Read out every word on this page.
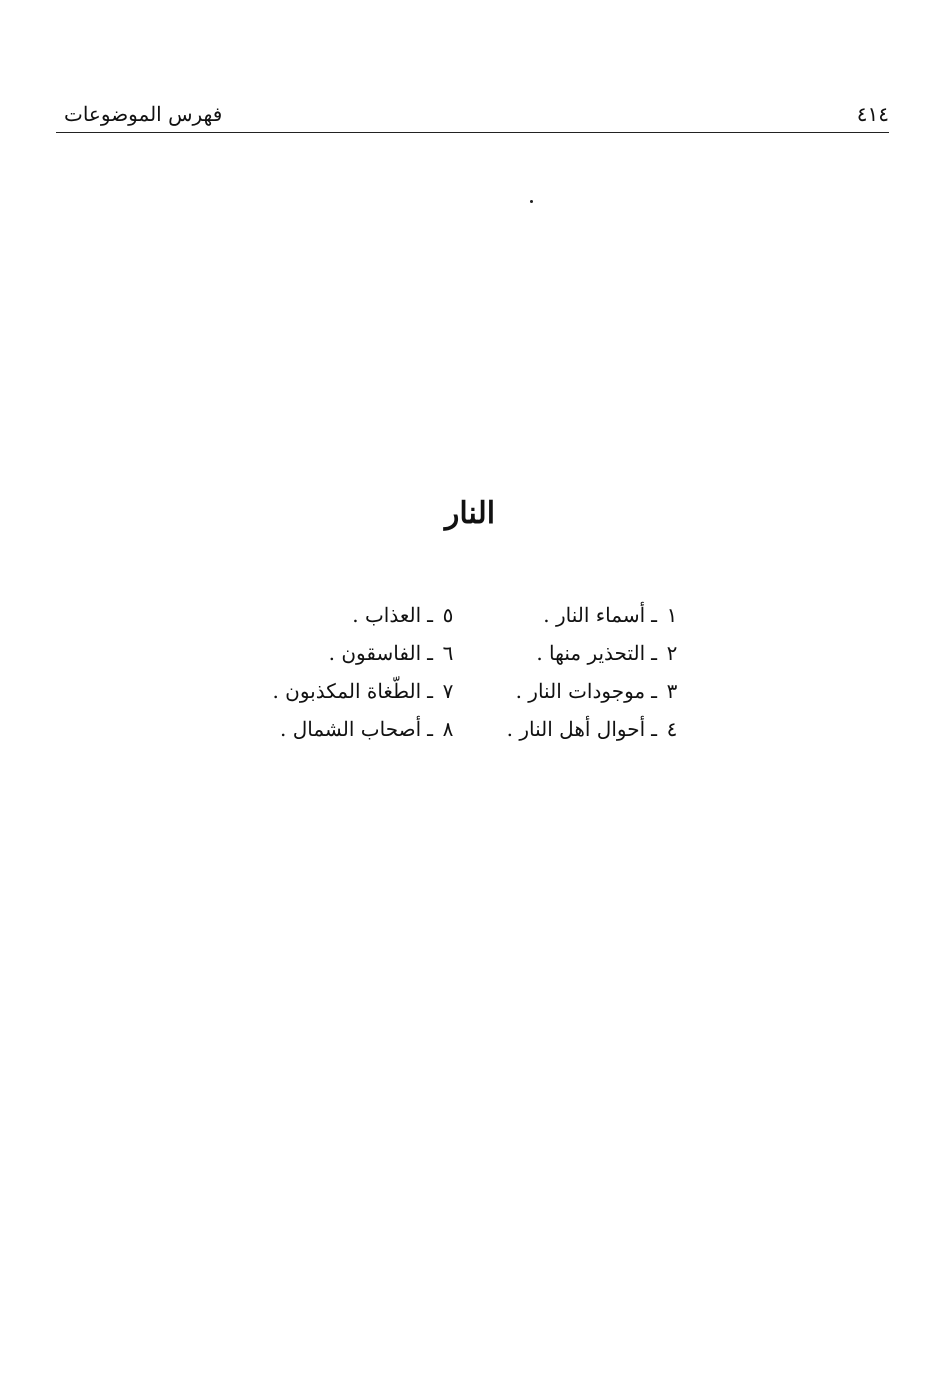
٤١٤
فهرس الموضوعات
النار
١ـأسماء النار .
٢ـالتحذير منها .
٣ـموجودات النار .
٤ـأحوال أهل النار .
٥ـالعذاب .
٦ـالفاسقون .
٧ـالطّغاة المكذبون .
٨ـأصحاب الشمال .
